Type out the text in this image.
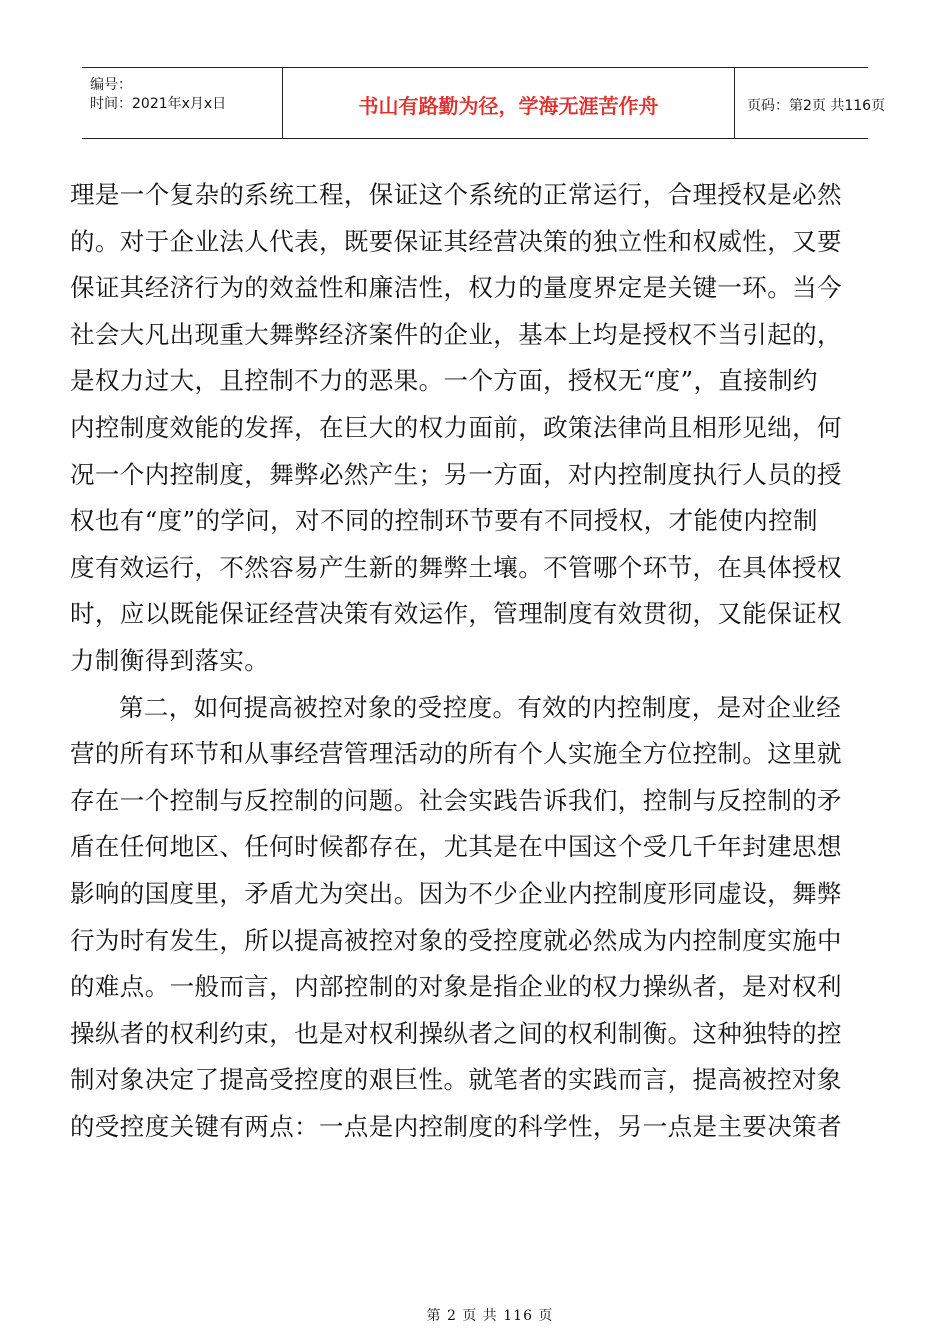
编号：
时间：2021年x月x日	书山有路勤为径，学海无涯苦作舟	页码：第2页 共116页
理是一个复杂的系统工程，保证这个系统的正常运行，合理授权是必然
的。对于企业法人代表，既要保证其经营决策的独立性和权威性，又要
保证其经济行为的效益性和廉洁性，权力的量度界定是关键一环。当今
社会大凡出现重大舞弊经济案件的企业，基本上均是授权不当引起的，
是权力过大，且控制不力的恶果。一个方面，授权无“度”，直接制约
内控制度效能的发挥，在巨大的权力面前，政策法律尚且相形见绌，何
况一个内控制度，舞弊必然产生；另一方面，对内控制度执行人员的授
权也有“度”的学问，对不同的控制环节要有不同授权，才能使内控制
度有效运行，不然容易产生新的舞弊土壤。不管哪个环节，在具体授权
时，应以既能保证经营决策有效运作，管理制度有效贯彻，又能保证权
力制衡得到落实。
第二，如何提高被控对象的受控度。有效的内控制度，是对企业经
营的所有环节和从事经营管理活动的所有个人实施全方位控制。这里就
存在一个控制与反控制的问题。社会实践告诉我们，控制与反控制的矛
盾在任何地区、任何时候都存在，尤其是在中国这个受几千年封建思想
影响的国度里，矛盾尤为突出。因为不少企业内控制度形同虚设，舞弊
行为时有发生，所以提高被控对象的受控度就必然成为内控制度实施中
的难点。一般而言，内部控制的对象是指企业的权力操纵者，是对权利
操纵者的权利约束，也是对权利操纵者之间的权利制衡。这种独特的控
制对象决定了提高受控度的艰巨性。就笔者的实践而言，提高被控对象
的受控度关键有两点：一点是内控制度的科学性，另一点是主要决策者
第 2 页 共 116 页
